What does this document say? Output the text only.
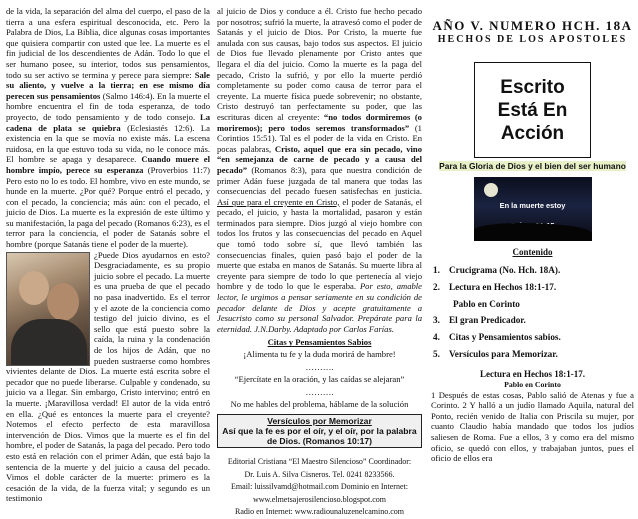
de la vida, la separación del alma del cuerpo, el paso de la tierra a una esfera espiritual desconocida, etc. Pero la Palabra de Dios, La Biblia, dice algunas cosas importantes que quisiera compartir con usted que lee. La muerte es el fin judicial de los descendientes de Adán. Todo lo que el ser humano posee, su interior, todos sus pensamientos, todo su ser activo se termina y perece para siempre: Sale su aliento, y vuelve a la tierra; en ese mismo día perecen sus pensamientos (Salmo 146:4). En la muerte el hombre encuentra el fin de toda esperanza, de todo proyecto, de todo pensamiento y de todo consejo. La cadena de plata se quiebra (Eclesiastés 12:6). La existencia en la que se movía no existe más. La escena ruidosa, en la que estuvo toda su vida, no le conoce más. El hombre se apaga y desaparece. Cuando muere el hombre impío, perece su esperanza (Proverbios 11:7) Pero esto no lo es todo. El hombre, vivo en este mundo, se hunde en la muerte. ¿Por qué? Porque entró el pecado, y con el pecado, la conciencia; más aún: con el pecado, el juicio de Dios. La muerte es la expresión de este último y su manifestación, la paga del pecado (Romanos 6:23), es el terror para la conciencia, el poder de Satanás sobre el hombre (porque Satanás tiene el poder de la muerte).

¿Puede Dios ayudarnos en esto? Desgraciadamente, es su propio juicio sobre el pecado. La muerte es una prueba de que el pecado no pasa inadvertido. Es el terror y el azote de la conciencia como testigo del juicio divino, es el sello que está puesto sobre la caída, la ruina y la condenación de los hijos de Adán, que no pueden sustraerse como hombres vivientes delante de Dios. La muerte está escrita sobre el pecador que no puede liberarse. Culpable y condenado, su juicio va a llegar. Sin embargo, Cristo intervino; entró en la muerte. ¡Maravillosa verdad! El autor de la vida entró en ella. ¿Qué es entonces la muerte para el creyente? Notemos el efecto perfecto de esta maravillosa intervención de Dios. Vimos que la muerte es el fin del hombre, el poder de Satanás, la paga del pecado. Pero todo esto está en relación con el primer Adán, que está bajo la sentencia de la muerte y del juicio a causa del pecado. Vimos el doble carácter de la muerte: primero es la cesación de la vida, de la fuerza vital; y segundo es un testimonio

al juicio de Dios y conduce a él. Cristo fue hecho pecado por nosotros; sufrió la muerte, la atravesó como el poder de Satanás y el juicio de Dios. Por Cristo, la muerte fue anulada con sus causas, bajo todos sus aspectos. El juicio de Dios fue llevado plenamente por Cristo antes que llegara el día del juicio. Como la muerte es la paga del pecado, Cristo la sufrió, y por ello la muerte perdió completamente su poder como causa de terror para el creyente. La muerte física puede sobrevenir; no obstante, Cristo destruyó tan perfectamente su poder, que las escrituras dicen al creyente: “no todos dormiremos (o moriremos); pero todos seremos transformados” (1 Corintios 15:51). Tal es el poder de la vida en Cristo. En pocas palabras, Cristo, aquel que era sin pecado, vino “en semejanza de carne de pecado y a causa del pecado” (Romanos 8:3), para que nuestra condición de primer Adán fuese juzgada de tal manera que todas las consecuencias del pecado fuesen satisfechas en justicia. Así que para el creyente en Cristo, el poder de Satanás, el pecado, el juicio, y hasta la mortalidad, pasaron y están terminados para siempre. Dios juzgó al viejo hombre con todos los frutos y las consecuencias del pecado en Aquel que tomó todo sobre sí, que llevó también las consecuencias finales, quien pasó bajo el poder de la muerte que estaba en manos de Satanás. Su muerte libra al creyente para siempre de todo lo que pertenecía al viejo hombre y de todo lo que le esperaba. Por esto, amable lector, le urgimos a pensar seriamente en su condición de pecador delante de Dios y acepte gratuitamente a Jesucristo como su personal Salvador. Prepárate para la eternidad. J.N.Darby. Adaptado por Carlos Farías.

Citas y Pensamientos Sabios
¡Alimenta tu fe y la duda morirá de hambre!
……….
“Ejercítate en la oración, y las caídas se alejaran”
……….
No me hables del problema, háblame de la solución
Versículos por Memorizar
Así que la fe es por el oír, y el oír, por la palabra de Dios. (Romanos 10:17)
Editorial Cristiana “El Maestro Silencioso” Coordinador:
Dr. Luis A. Silva Cisneros. Tel. 0241 8233566.
Email: luissilvamd@hotmail.com Dominio en Internet:
www.elmetsajerosilencioso.blogspot.com
Radio en Internet: www.radiounaluzenelcamino.com
AÑO V. NUMERO HCH. 18A
HECHOS DE LOS APOSTOLES
Escrito
Está En
Acción
Para la Gloria de Dios y el bien del ser humano
En la muerte estoy
Contenido
1. Crucigrama (No. Hch. 18A).
2. Lectura en Hechos 18:1-17.
Pablo en Corinto
3. El gran Predicador.
4. Citas y Pensamientos sabios.
5. Versículos para Memorizar.
Lectura en Hechos 18:1-17.
Pablo en Corinto
1 Después de estas cosas, Pablo salió de Atenas y fue a Corinto. 2 Y halló a un judío llamado Aquila, natural del Ponto, recién venido de Italia con Priscila su mujer, por cuanto Claudio había mandado que todos los judíos saliesen de Roma. Fue a ellos, 3 y como era del mismo oficio, se quedó con ellos, y trabajaban juntos, pues el oficio de ellos era
